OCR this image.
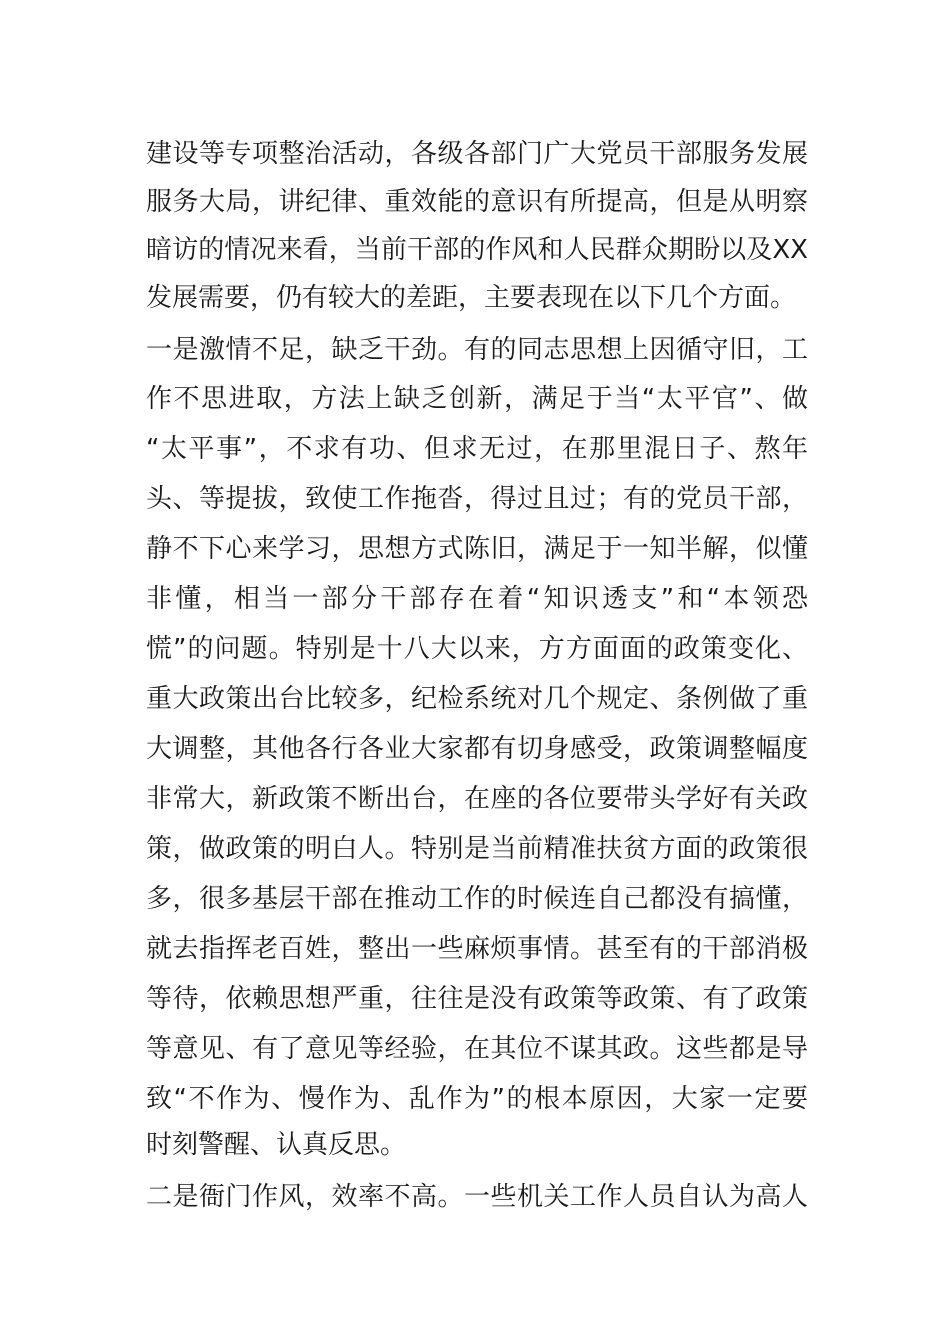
建设等专项整治活动，各级各部门广大党员干部服务发展
服务大局，讲纪律、重效能的意识有所提高，但是从明察
暗访的情况来看，当前干部的作风和人民群众期盼以及XX
发展需要，仍有较大的差距，主要表现在以下几个方面。
一是激情不足，缺乏干劲。有的同志思想上因循守旧，工
作不思进取，方法上缺乏创新，满足于当“太平官”、做
“太平事”，不求有功、但求无过，在那里混日子、熬年
头、等提拔，致使工作拖沓，得过且过；有的党员干部，
静不下心来学习，思想方式陈旧，满足于一知半解，似懂
非懂，相当一部分干部存在着“知识透支”和“本领恐
慌”的问题。特别是十八大以来，方方面面的政策变化、
重大政策出台比较多，纪检系统对几个规定、条例做了重
大调整，其他各行各业大家都有切身感受，政策调整幅度
非常大，新政策不断出台，在座的各位要带头学好有关政
策，做政策的明白人。特别是当前精准扶贫方面的政策很
多，很多基层干部在推动工作的时候连自己都没有搞懂，
就去指挥老百姓，整出一些麻烦事情。甚至有的干部消极
等待，依赖思想严重，往往是没有政策等政策、有了政策
等意见、有了意见等经验，在其位不谋其政。这些都是导
致“不作为、慢作为、乱作为”的根本原因，大家一定要
时刻警醒、认真反思。
二是衙门作风，效率不高。一些机关工作人员自认为高人
